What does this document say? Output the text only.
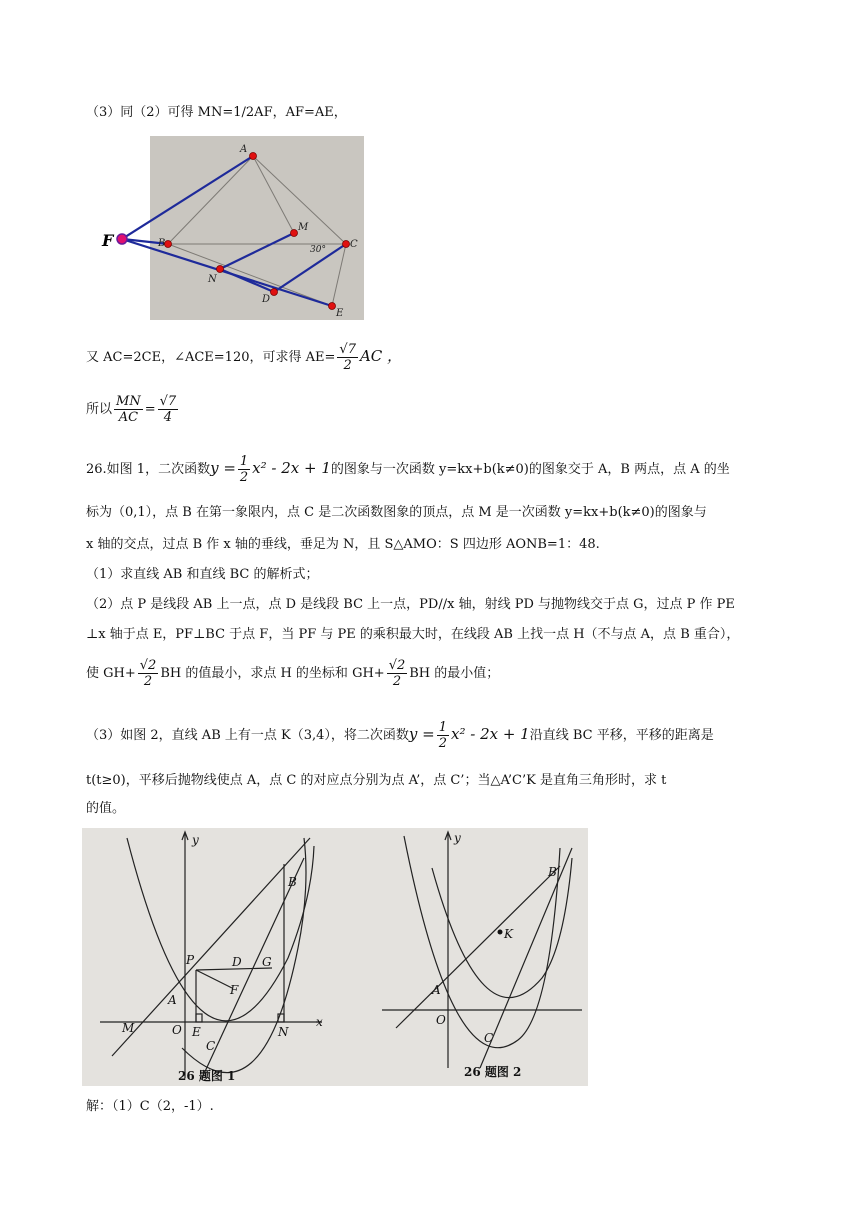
（3）同（2）可得 MN=1/2AF，AF=AE，
F
A
B
M
N
C
D
E
30°
又 AC=2CE，∠ACE=120，可求得 $AE= \frac{√7}{2}$ AC ，
所以 $\frac{MN}{AC} = \frac{√7}{4}$
26.如图 1，二次函数$y = \frac{1}{2} x^2 - 2x + 1$的图象与一次函数 y=kx+b(k≠0)的图象交于 A，B 两点，点 A 的坐
标为（0,1），点 B 在第一象限内，点 C 是二次函数图象的顶点，点 M 是一次函数 y=kx+b(k≠0)的图象与
x 轴的交点，过点 B 作 x 轴的垂线，垂足为 N，且 S△AMO：S 四边形 AONB=1：48.
（1）求直线 AB 和直线 BC 的解析式；
（2）点 P 是线段 AB 上一点，点 D 是线段 BC 上一点，PD//x 轴，射线 PD 与抛物线交于点 G，过点 P 作 PE
⊥x 轴于点 E，PF⊥BC 于点 F，当 PF 与 PE 的乘积最大时，在线段 AB 上找一点 H（不与点 A，点 B 重合），
使 $GH+ \frac{√2}{2}$ BH 的值最小，求点 H 的坐标和 $GH+ \frac{√2}{2}$ BH 的最小值；
（3）如图 2，直线 AB 上有一点 K（3,4），将二次函数$y = \frac{1}{2} x^2 - 2x + 1$沿直线 BC 平移，平移的距离是
t(t≥0)，平移后抛物线使点 A，点 C 的对应点分别为点 A’，点 C’；当△A’C’K 是直角三角形时，求 t
的值。
y
x
B
P	D G
F
A
M	O E
C
N
26 题图 1
y
B
K
A
O
C
26 题图 2
解：（1）C（2，-1）.
